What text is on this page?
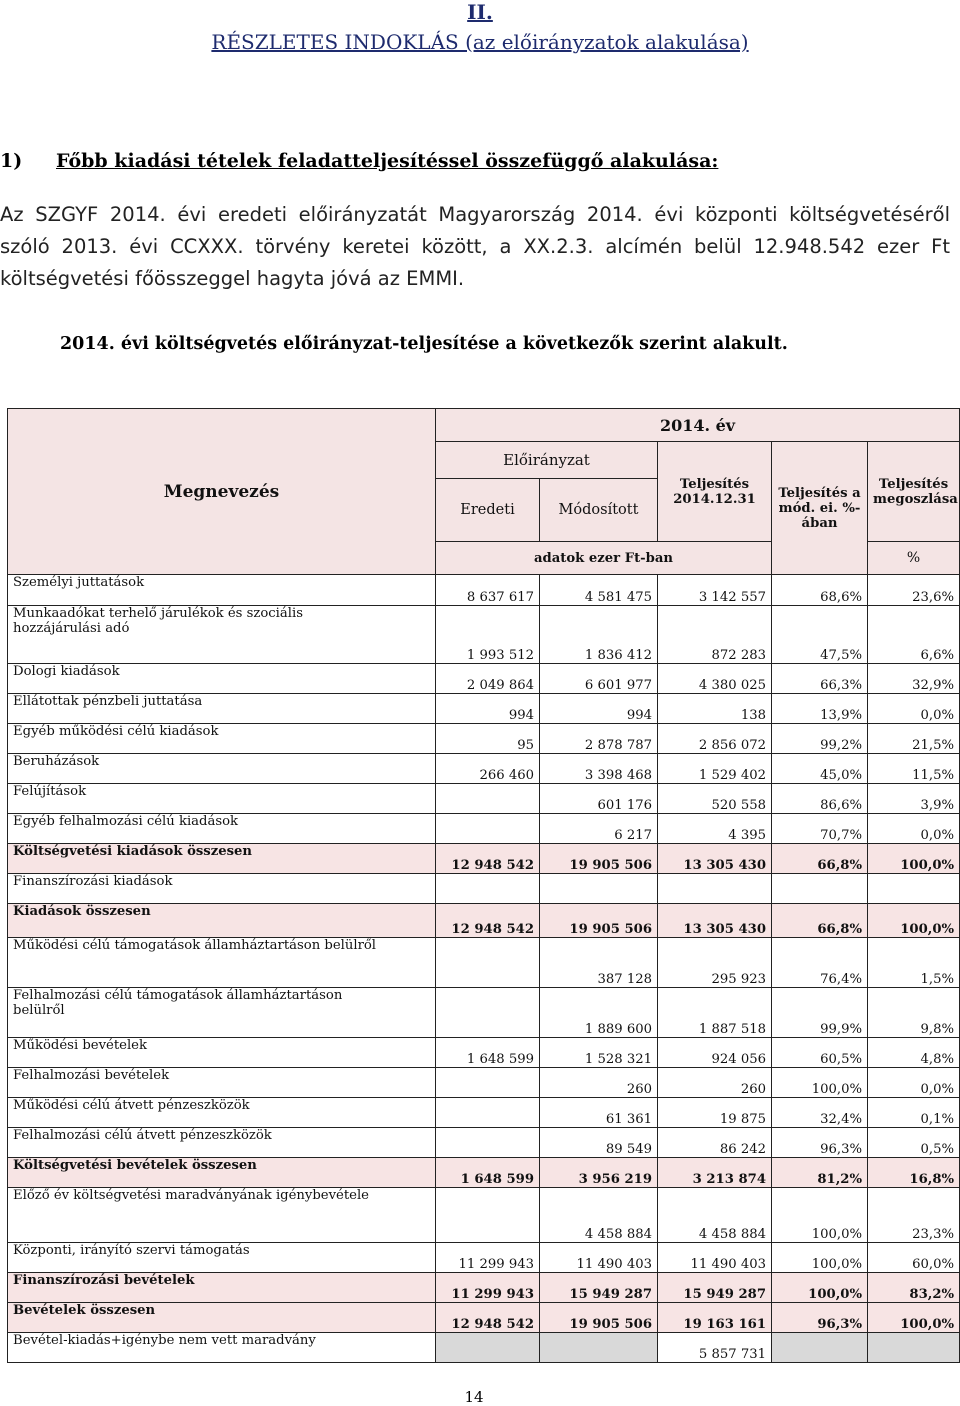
II.
RÉSZLETES INDOKLÁS (az előirányzatok alakulása)
1) Főbb kiadási tételek feladatteljesítéssel összefüggő alakulása:
Az SZGYF 2014. évi eredeti előirányzatát Magyarország 2014. évi központi költségvetéséről szóló 2013. évi CCXXX. törvény keretei között, a XX.2.3. alcímén belül 12.948.542 ezer Ft költségvetési főösszeggel hagyta jóvá az EMMI.
2014. évi költségvetés előirányzat-teljesítése a következők szerint alakult.
Megnevezés	2014. év				
	Előirányzat		Teljesítés 2014.12.31	Teljesítés a mód. ei. %-ában	Teljesítés megoszlása
	Eredeti	Módosított			
	adatok ezer Ft-ban				%

Személyi juttatások	8 637 617	4 581 475	3 142 557	68,6%	23,6%

Munkaadókat terhelő járulékok és szociális
hozzájárulási adó	1 993 512	1 836 412	872 283	47,5%	6,6%

Dologi kiadások	2 049 864	6 601 977	4 380 025	66,3%	32,9%

Ellátottak pénzbeli juttatása	994	994	138	13,9%	0,0%

Egyéb működési célú kiadások	95	2 878 787	2 856 072	99,2%	21,5%

Beruházások	266 460	3 398 468	1 529 402	45,0%	11,5%

Felújítások		601 176	520 558	86,6%	3,9%

Egyéb felhalmozási célú kiadások		6 217	4 395	70,7%	0,0%

Költségvetési kiadások összesen	12 948 542	19 905 506	13 305 430	66,8%	100,0%

Finanszírozási kiadások					

Kiadások összesen	12 948 542	19 905 506	13 305 430	66,8%	100,0%

Működési célú támogatások államháztartáson belülről		387 128	295 923	76,4%	1,5%

Felhalmozási célú támogatások államháztartáson
belülről		1 889 600	1 887 518	99,9%	9,8%

Működési bevételek	1 648 599	1 528 321	924 056	60,5%	4,8%

Felhalmozási bevételek		260	260	100,0%	0,0%

Működési célú átvett pénzeszközök		61 361	19 875	32,4%	0,1%

Felhalmozási célú átvett pénzeszközök		89 549	86 242	96,3%	0,5%

Költségvetési bevételek összesen	1 648 599	3 956 219	3 213 874	81,2%	16,8%

Előző év költségvetési maradványának igénybevétele		4 458 884	4 458 884	100,0%	23,3%

Központi, irányító szervi támogatás	11 299 943	11 490 403	11 490 403	100,0%	60,0%

Finanszírozási bevételek	11 299 943	15 949 287	15 949 287	100,0%	83,2%

Bevételek összesen	12 948 542	19 905 506	19 163 161	96,3%	100,0%
Bevétel-kiadás+igénybe nem vett maradvány			5 857 731		
14
